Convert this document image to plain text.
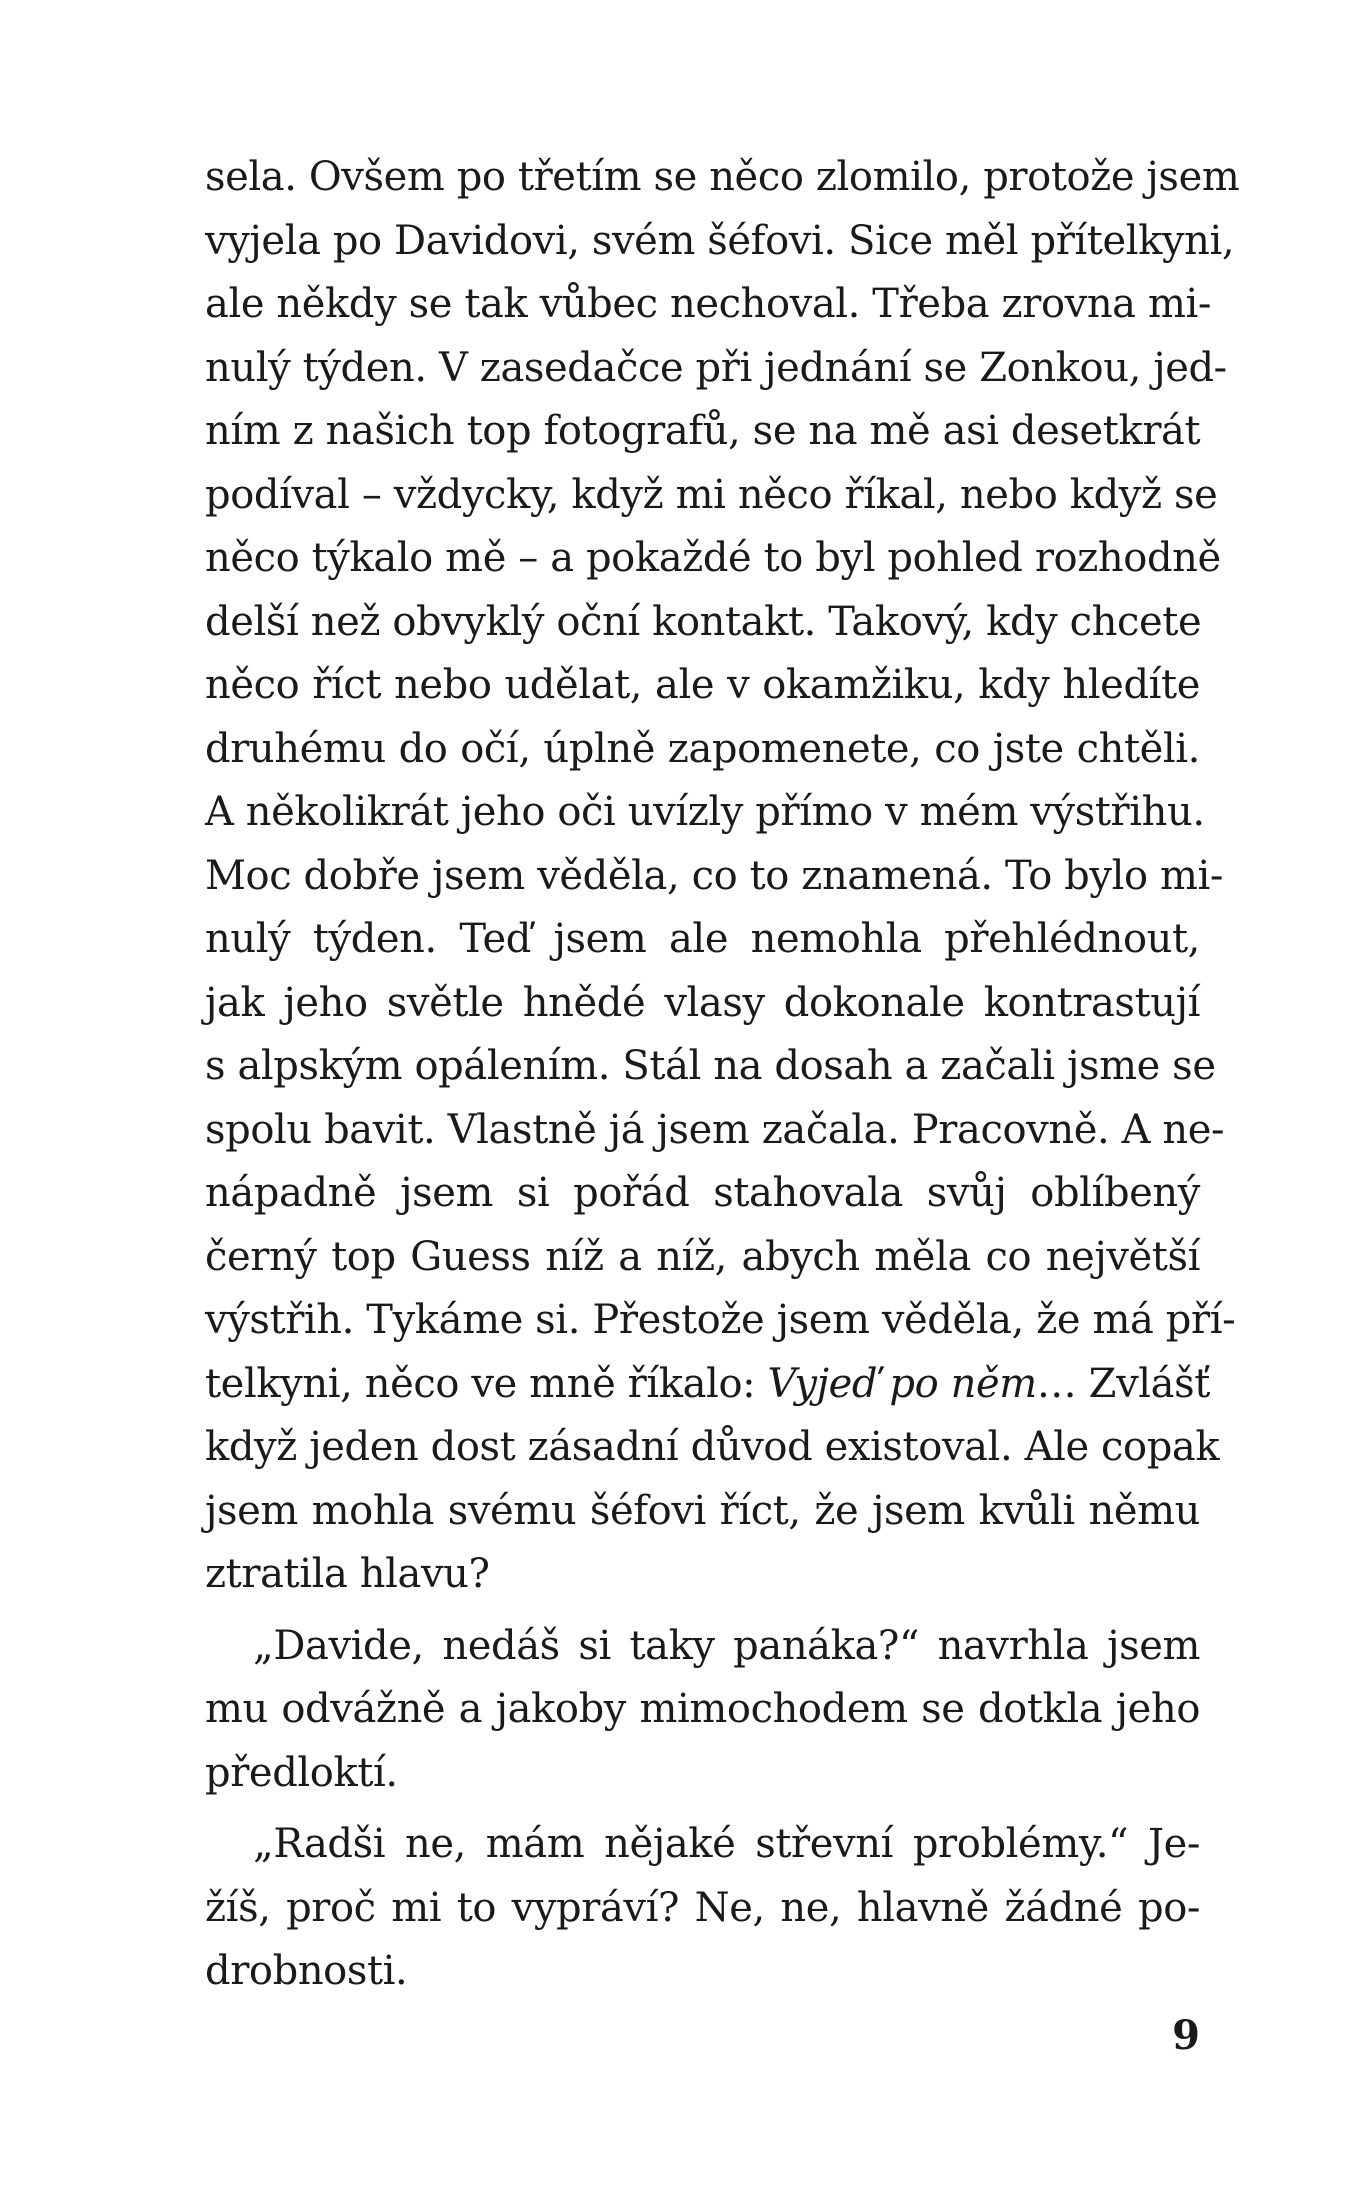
sela. Ovšem po třetím se něco zlomilo, protože jsem
vyjela po Davidovi, svém šéfovi. Sice měl přítelkyni,
ale někdy se tak vůbec nechoval. Třeba zrovna mi-
nulý týden. V zasedačce při jednání se Zonkou, jed-
ním z našich top fotografů, se na mě asi desetkrát
podíval – vždycky, když mi něco říkal, nebo když se
něco týkalo mě – a pokaždé to byl pohled rozhodně
delší než obvyklý oční kontakt. Takový, kdy chcete
něco říct nebo udělat, ale v okamžiku, kdy hledíte
druhému do očí, úplně zapomenete, co jste chtěli.
A několikrát jeho oči uvízly přímo v mém výstřihu.
Moc dobře jsem věděla, co to znamená. To bylo mi-
nulý týden. Teď jsem ale nemohla přehlédnout,
jak jeho světle hnědé vlasy dokonale kontrastují
s alpským opálením. Stál na dosah a začali jsme se
spolu bavit. Vlastně já jsem začala. Pracovně. A ne-
nápadně jsem si pořád stahovala svůj oblíbený
černý top Guess níž a níž, abych měla co největší
výstřih. Tykáme si. Přestože jsem věděla, že má pří-
telkyni, něco ve mně říkalo: Vyjeď po něm… Zvlášť
když jeden dost zásadní důvod existoval. Ale copak
jsem mohla svému šéfovi říct, že jsem kvůli němu
ztratila hlavu?
„Davide, nedáš si taky panáka?“ navrhla jsem
mu odvážně a jakoby mimochodem se dotkla jeho
předloktí.
„Radši ne, mám nějaké střevní problémy.“ Je-
žíš, proč mi to vypráví? Ne, ne, hlavně žádné po-
drobnosti.
9
